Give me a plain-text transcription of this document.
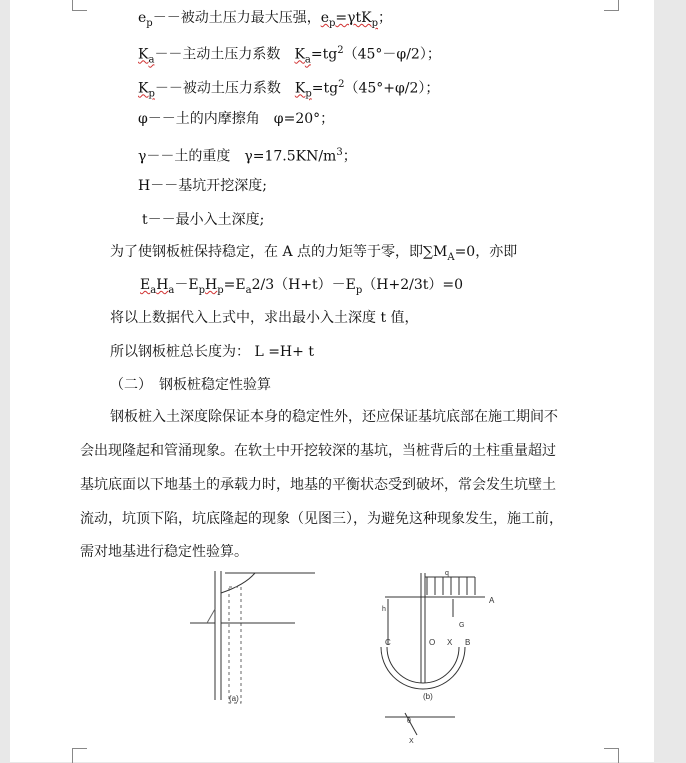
$e_p--$被动土压力最大压强，$e_p=\gamma tK_p$；
$K_a--$主动土压力系数　$K_a=tg^2(45^\circ-\varphi/2)$；
$K_p--$被动土压力系数　$K_p=tg^2(45^\circ+\varphi/2)$；
φ－－土的内摩擦角　φ=20°；
γ－－土的重度　$\gamma=17.5KN/m^3$；
H－－基坑开挖深度;
t－－最小入土深度;
为了使钢板桩保持稳定，在 A 点的力矩等于零，即$\sum M_A=0$，亦即
$E_aH_a-E_pH_p=E_a2/3(H+t)-E_p(H+2/3t)=0$
将以上数据代入上式中，求出最小入土深度 t 值，
所以钢板桩总长度为： L =H+ t
（二）　钢板桩稳定性验算
钢板桩入土深度除保证本身的稳定性外，还应保证基坑底部在施工期间不
会出现隆起和管涌现象。在软土中开挖较深的基坑，当桩背后的土柱重量超过
基坑底面以下地基土的承载力时，地基的平衡状态受到破坏，常会发生坑壁土
流动，坑顶下陷，坑底隆起的现象（见图三），为避免这种现象发生，施工前，
需对地基进行稳定性验算。
(a)
q
A
h
G
C	O X B
(b)
θ
X
